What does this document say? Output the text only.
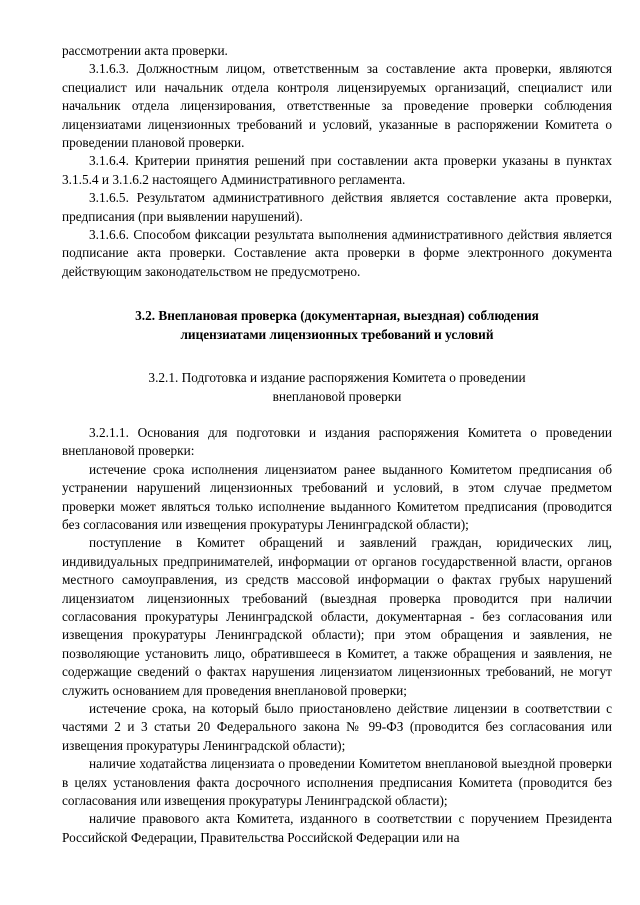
рассмотрении акта проверки.

3.1.6.3. Должностным лицом, ответственным за составление акта проверки, являются специалист или начальник отдела контроля лицензируемых организаций, специалист или начальник отдела лицензирования, ответственные за проведение проверки соблюдения лицензиатами лицензионных требований и условий, указанные в распоряжении Комитета о проведении плановой проверки.

3.1.6.4. Критерии принятия решений при составлении акта проверки указаны в пунктах 3.1.5.4 и 3.1.6.2 настоящего Административного регламента.

3.1.6.5. Результатом административного действия является составление акта проверки, предписания (при выявлении нарушений).

3.1.6.6. Способом фиксации результата выполнения административного действия является подписание акта проверки. Составление акта проверки в форме электронного документа действующим законодательством не предусмотрено.

3.2. Внеплановая проверка (документарная, выездная) соблюдения
лицензиатами лицензионных требований и условий
3.2.1. Подготовка и издание распоряжения Комитета о проведении
внеплановой проверки

3.2.1.1. Основания для подготовки и издания распоряжения Комитета о проведении внеплановой проверки:

истечение срока исполнения лицензиатом ранее выданного Комитетом предписания об устранении нарушений лицензионных требований и условий, в этом случае предметом проверки может являться только исполнение выданного Комитетом предписания (проводится без согласования или извещения прокуратуры Ленинградской области);

поступление в Комитет обращений и заявлений граждан, юридических лиц, индивидуальных предпринимателей, информации от органов государственной власти, органов местного самоуправления, из средств массовой информации о фактах грубых нарушений лицензиатом лицензионных требований (выездная проверка проводится при наличии согласования прокуратуры Ленинградской области, документарная - без согласования или извещения прокуратуры Ленинградской области); при этом обращения и заявления, не позволяющие установить лицо, обратившееся в Комитет, а также обращения и заявления, не содержащие сведений о фактах нарушения лицензиатом лицензионных требований, не могут служить основанием для проведения внеплановой проверки;

истечение срока, на который было приостановлено действие лицензии в соответствии с частями 2 и 3 статьи 20 Федерального закона № 99-ФЗ (проводится без согласования или извещения прокуратуры Ленинградской области);

наличие ходатайства лицензиата о проведении Комитетом внеплановой выездной проверки в целях установления факта досрочного исполнения предписания Комитета (проводится без согласования или извещения прокуратуры Ленинградской области);

наличие правового акта Комитета, изданного в соответствии с поручением Президента Российской Федерации, Правительства Российской Федерации или на
